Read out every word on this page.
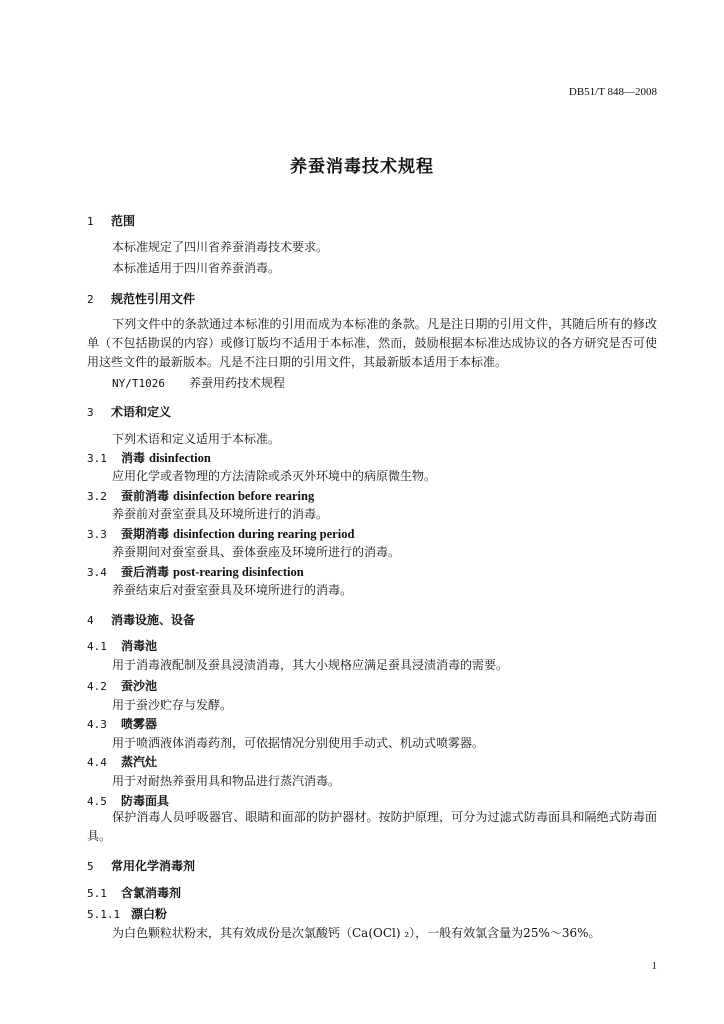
DB51/T 848—2008
养蚕消毒技术规程
1 范围
本标准规定了四川省养蚕消毒技术要求。
本标准适用于四川省养蚕消毒。
2 规范性引用文件
下列文件中的条款通过本标准的引用而成为本标准的条款。凡是注日期的引用文件，其随后所有的修改单（不包括勘误的内容）或修订版均不适用于本标准，然而，鼓励根据本标准达成协议的各方研究是否可使用这些文件的最新版本。凡是不注日期的引用文件，其最新版本适用于本标准。
NY/T1026 养蚕用药技术规程
3 术语和定义
下列术语和定义适用于本标准。
3.1 消毒 disinfection
应用化学或者物理的方法清除或杀灭外环境中的病原微生物。
3.2 蚕前消毒 disinfection before rearing
养蚕前对蚕室蚕具及环境所进行的消毒。
3.3 蚕期消毒 disinfection during rearing period
养蚕期间对蚕室蚕具、蚕体蚕座及环境所进行的消毒。
3.4 蚕后消毒 post-rearing disinfection
养蚕结束后对蚕室蚕具及环境所进行的消毒。
4 消毒设施、设备
4.1 消毒池
用于消毒液配制及蚕具浸渍消毒，其大小规格应满足蚕具浸渍消毒的需要。
4.2 蚕沙池
用于蚕沙贮存与发酵。
4.3 喷雾器
用于喷洒液体消毒药剂，可依据情况分别使用手动式、机动式喷雾器。
4.4 蒸汽灶
用于对耐热养蚕用具和物品进行蒸汽消毒。
4.5 防毒面具
保护消毒人员呼吸器官、眼睛和面部的防护器材。按防护原理，可分为过滤式防毒面具和隔绝式防毒面具。
5 常用化学消毒剂
5.1 含氯消毒剂
5.1.1 漂白粉
为白色颗粒状粉末，其有效成份是次氯酸钙（Ca(OCl) ₂），一般有效氯含量为25%～36%。
1
